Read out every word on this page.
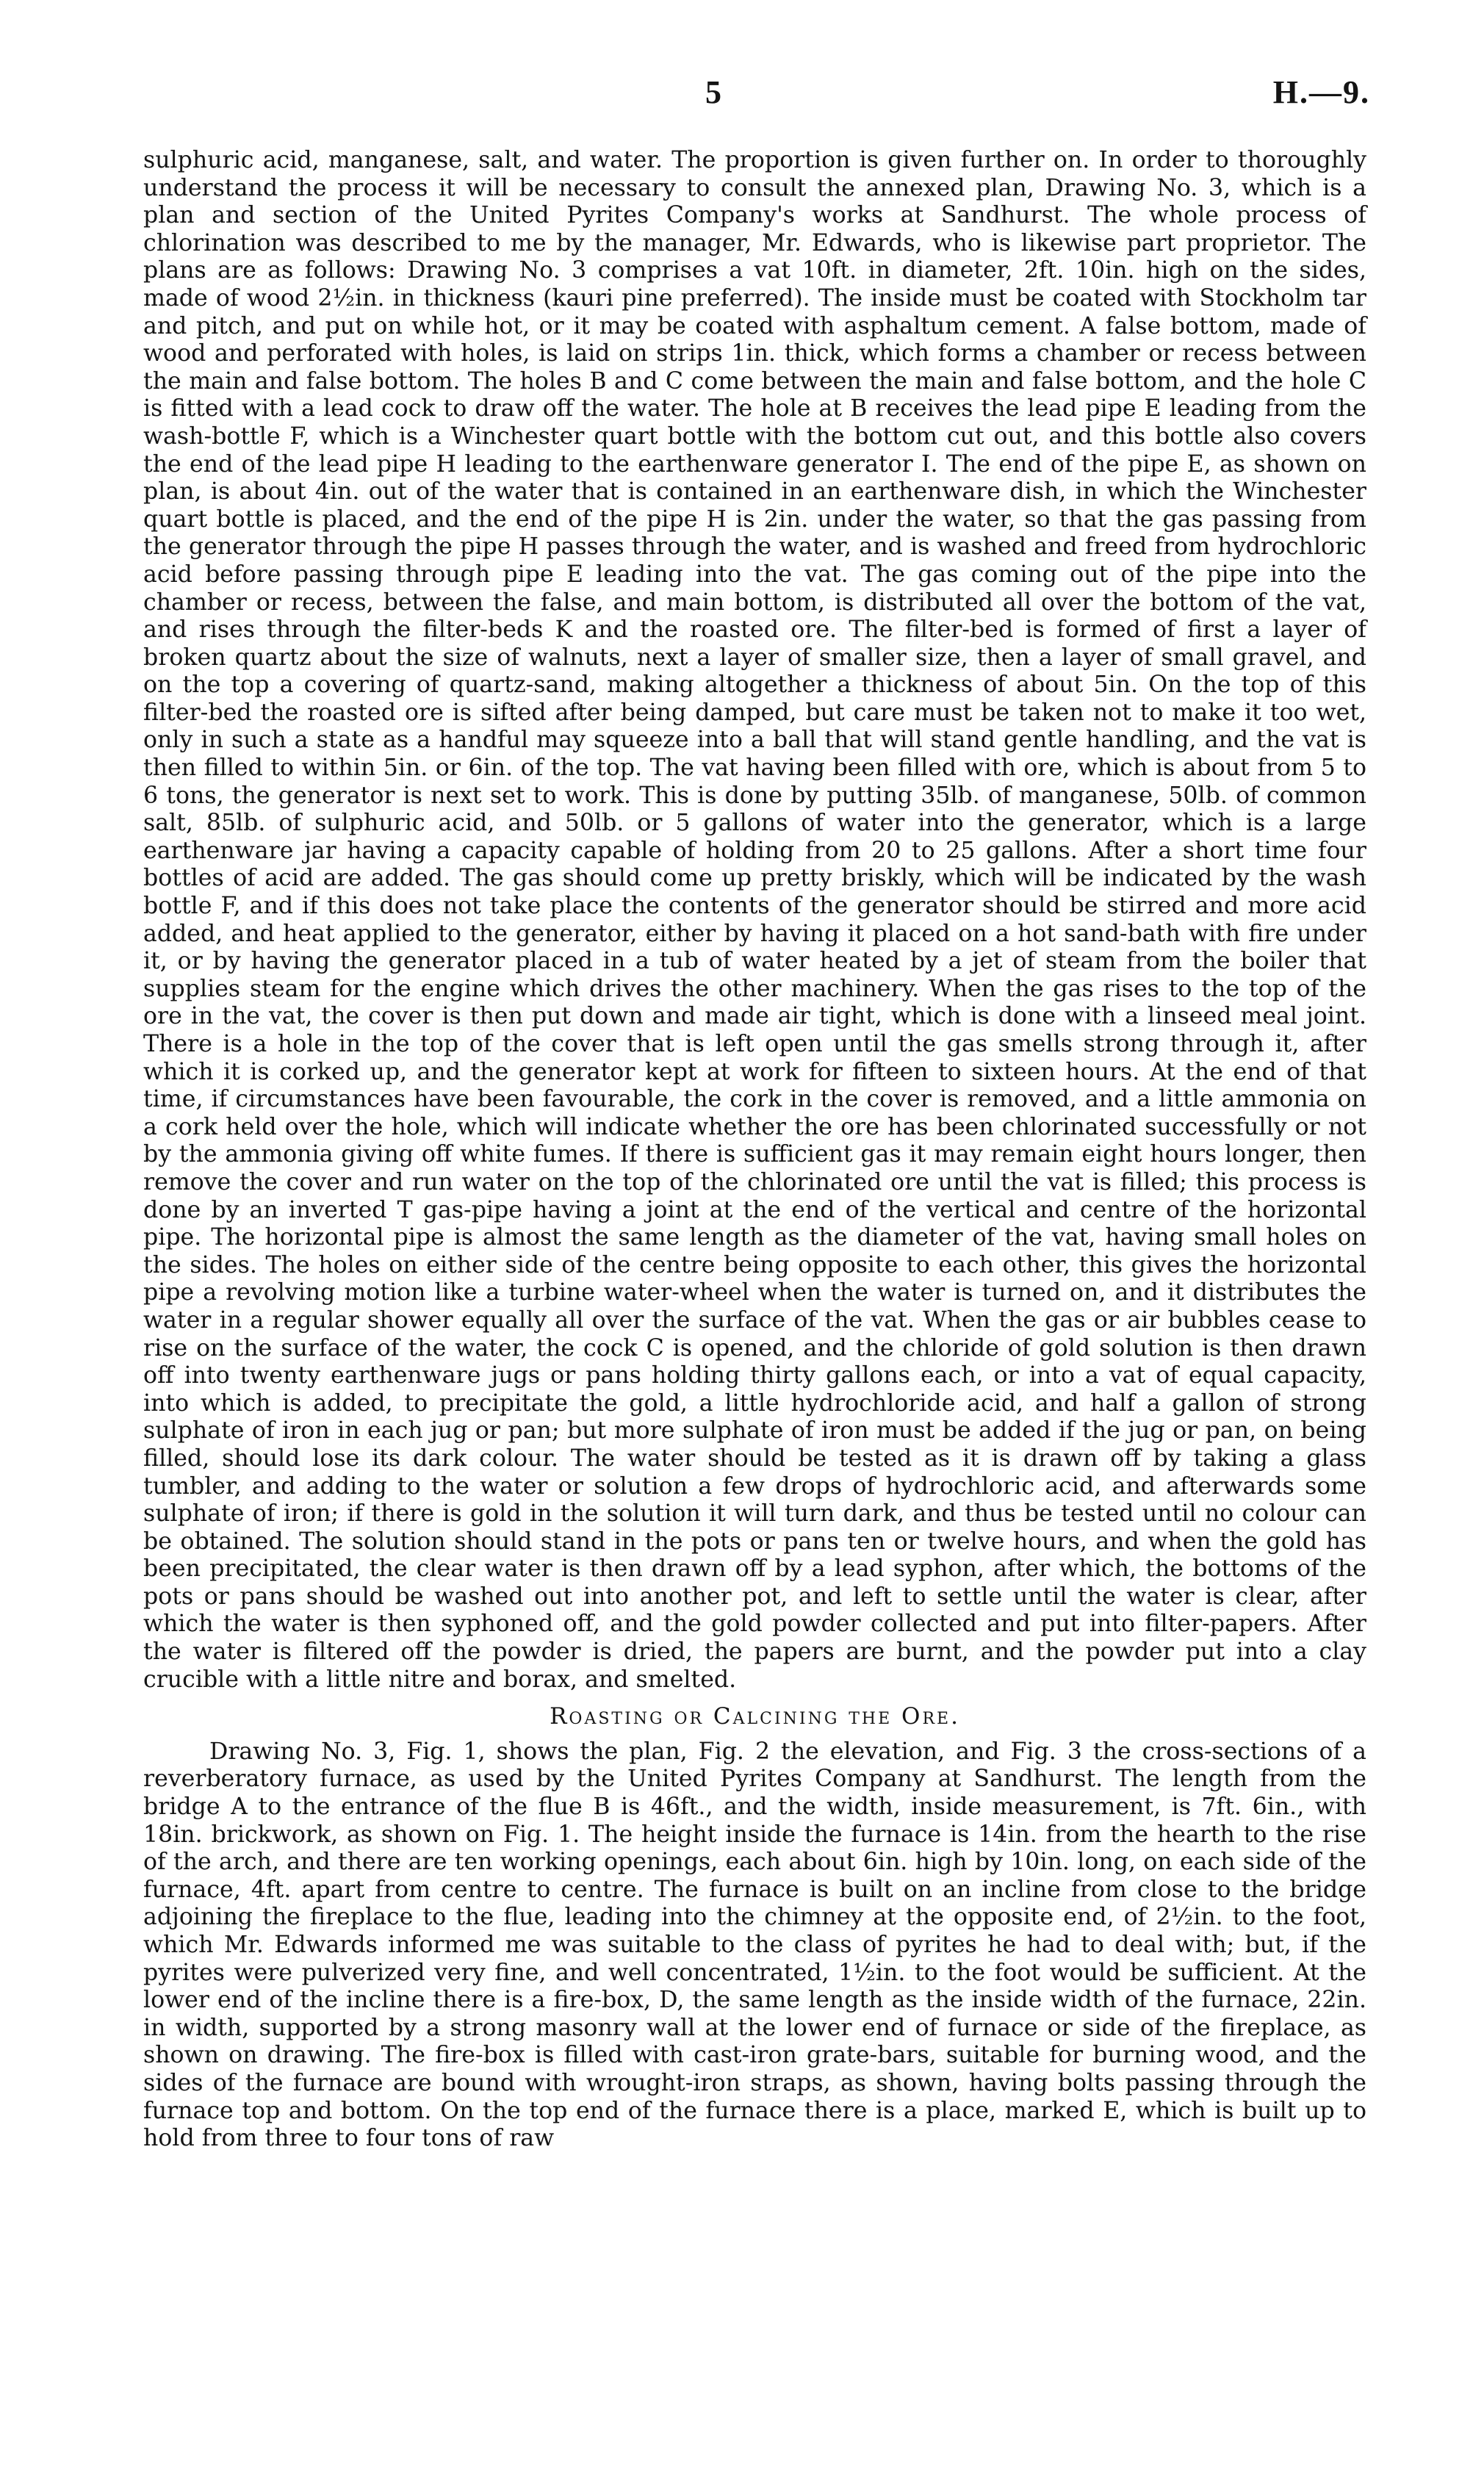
5	H.—9.

sulphuric acid, manganese, salt, and water. The proportion is given further on. In order to thoroughly understand the process it will be necessary to consult the annexed plan, Drawing No. 3, which is a plan and section of the United Pyrites Company's works at Sandhurst. The whole process of chlorination was described to me by the manager, Mr. Edwards, who is likewise part proprietor. The plans are as follows: Drawing No. 3 comprises a vat 10ft. in diameter, 2ft. 10in. high on the sides, made of wood 2½in. in thickness (kauri pine preferred). The inside must be coated with Stockholm tar and pitch, and put on while hot, or it may be coated with asphaltum cement. A false bottom, made of wood and perforated with holes, is laid on strips 1in. thick, which forms a chamber or recess between the main and false bottom. The holes B and C come between the main and false bottom, and the hole C is fitted with a lead cock to draw off the water. The hole at B receives the lead pipe E leading from the wash-bottle F, which is a Winchester quart bottle with the bottom cut out, and this bottle also covers the end of the lead pipe H leading to the earthenware generator I. The end of the pipe E, as shown on plan, is about 4in. out of the water that is contained in an earthenware dish, in which the Winchester quart bottle is placed, and the end of the pipe H is 2in. under the water, so that the gas passing from the generator through the pipe H passes through the water, and is washed and freed from hydrochloric acid before passing through pipe E leading into the vat. The gas coming out of the pipe into the chamber or recess, between the false, and main bottom, is distributed all over the bottom of the vat, and rises through the filter-beds K and the roasted ore. The filter-bed is formed of first a layer of broken quartz about the size of walnuts, next a layer of smaller size, then a layer of small gravel, and on the top a covering of quartz-sand, making altogether a thickness of about 5in. On the top of this filter-bed the roasted ore is sifted after being damped, but care must be taken not to make it too wet, only in such a state as a handful may squeeze into a ball that will stand gentle handling, and the vat is then filled to within 5in. or 6in. of the top. The vat having been filled with ore, which is about from 5 to 6 tons, the generator is next set to work. This is done by putting 35lb. of manganese, 50lb. of common salt, 85lb. of sulphuric acid, and 50lb. or 5 gallons of water into the generator, which is a large earthenware jar having a capacity capable of holding from 20 to 25 gallons. After a short time four bottles of acid are added. The gas should come up pretty briskly, which will be indicated by the wash bottle F, and if this does not take place the contents of the generator should be stirred and more acid added, and heat applied to the generator, either by having it placed on a hot sand-bath with fire under it, or by having the generator placed in a tub of water heated by a jet of steam from the boiler that supplies steam for the engine which drives the other machinery. When the gas rises to the top of the ore in the vat, the cover is then put down and made air tight, which is done with a linseed meal joint. There is a hole in the top of the cover that is left open until the gas smells strong through it, after which it is corked up, and the generator kept at work for fifteen to sixteen hours. At the end of that time, if circumstances have been favourable, the cork in the cover is removed, and a little ammonia on a cork held over the hole, which will indicate whether the ore has been chlorinated successfully or not by the ammonia giving off white fumes. If there is sufficient gas it may remain eight hours longer, then remove the cover and run water on the top of the chlorinated ore until the vat is filled; this process is done by an inverted T gas-pipe having a joint at the end of the vertical and centre of the horizontal pipe. The horizontal pipe is almost the same length as the diameter of the vat, having small holes on the sides. The holes on either side of the centre being opposite to each other, this gives the horizontal pipe a revolving motion like a turbine water-wheel when the water is turned on, and it distributes the water in a regular shower equally all over the surface of the vat. When the gas or air bubbles cease to rise on the surface of the water, the cock C is opened, and the chloride of gold solution is then drawn off into twenty earthenware jugs or pans holding thirty gallons each, or into a vat of equal capacity, into which is added, to precipitate the gold, a little hydrochloride acid, and half a gallon of strong sulphate of iron in each jug or pan; but more sulphate of iron must be added if the jug or pan, on being filled, should lose its dark colour. The water should be tested as it is drawn off by taking a glass tumbler, and adding to the water or solution a few drops of hydrochloric acid, and afterwards some sulphate of iron; if there is gold in the solution it will turn dark, and thus be tested until no colour can be obtained. The solution should stand in the pots or pans ten or twelve hours, and when the gold has been precipitated, the clear water is then drawn off by a lead syphon, after which, the bottoms of the pots or pans should be washed out into another pot, and left to settle until the water is clear, after which the water is then syphoned off, and the gold powder collected and put into filter-papers. After the water is filtered off the powder is dried, the papers are burnt, and the powder put into a clay crucible with a little nitre and borax, and smelted.

Roasting or Calcining the Ore.

Drawing No. 3, Fig. 1, shows the plan, Fig. 2 the elevation, and Fig. 3 the cross-sections of a reverberatory furnace, as used by the United Pyrites Company at Sandhurst. The length from the bridge A to the entrance of the flue B is 46ft., and the width, inside measurement, is 7ft. 6in., with 18in. brickwork, as shown on Fig. 1. The height inside the furnace is 14in. from the hearth to the rise of the arch, and there are ten working openings, each about 6in. high by 10in. long, on each side of the furnace, 4ft. apart from centre to centre. The furnace is built on an incline from close to the bridge adjoining the fireplace to the flue, leading into the chimney at the opposite end, of 2½in. to the foot, which Mr. Edwards informed me was suitable to the class of pyrites he had to deal with; but, if the pyrites were pulverized very fine, and well concentrated, 1½in. to the foot would be sufficient. At the lower end of the incline there is a fire-box, D, the same length as the inside width of the furnace, 22in. in width, supported by a strong masonry wall at the lower end of furnace or side of the fireplace, as shown on drawing. The fire-box is filled with cast-iron grate-bars, suitable for burning wood, and the sides of the furnace are bound with wrought-iron straps, as shown, having bolts passing through the furnace top and bottom. On the top end of the furnace there is a place, marked E, which is built up to hold from three to four tons of raw
